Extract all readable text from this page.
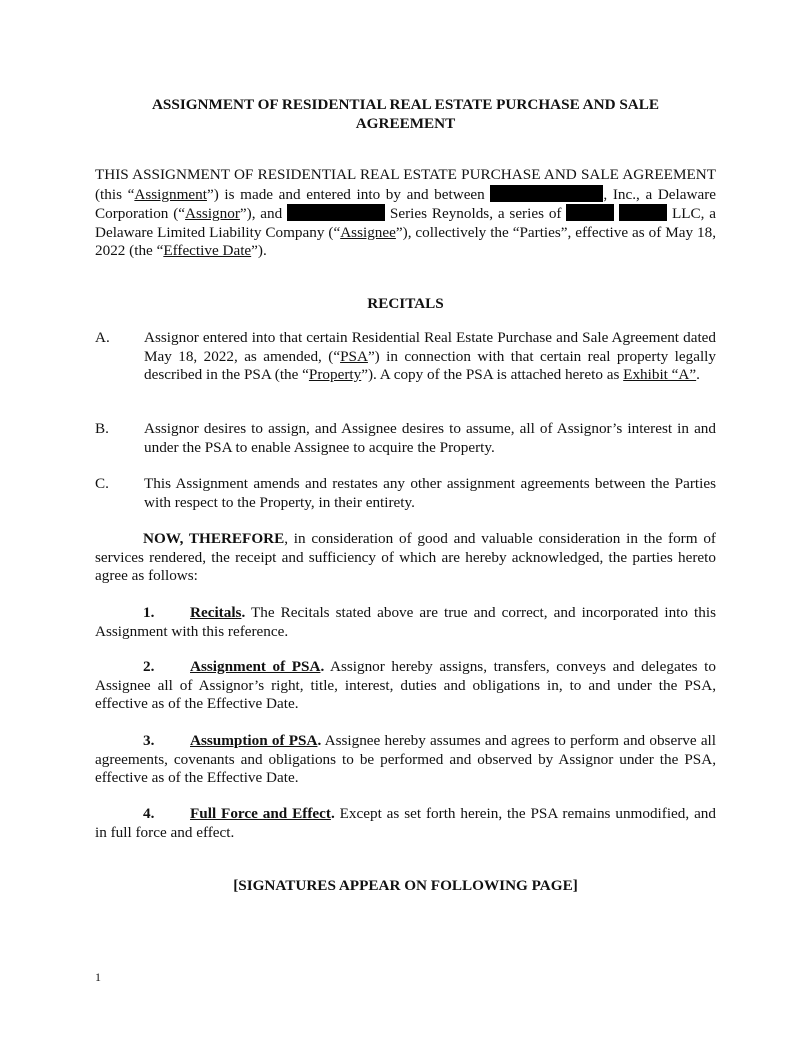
ASSIGNMENT OF RESIDENTIAL REAL ESTATE PURCHASE AND SALE
AGREEMENT
THIS ASSIGNMENT OF RESIDENTIAL REAL ESTATE PURCHASE AND SALE AGREEMENT (this “Assignment”) is made and entered into by and between	, Inc., a Delaware Corporation (“Assignor”), and	Series Reynolds, a series of	LLC, a Delaware Limited Liability Company (“Assignee”), collectively the “Parties”, effective as of May 18, 2022 (the “Effective Date”).
RECITALS
A. Assignor entered into that certain Residential Real Estate Purchase and Sale Agreement dated May 18, 2022, as amended, (“PSA”) in connection with that certain real property legally described in the PSA (the “Property”). A copy of the PSA is attached hereto as Exhibit “A”.
B. Assignor desires to assign, and Assignee desires to assume, all of Assignor’s interest in and under the PSA to enable Assignee to acquire the Property.
C. This Assignment amends and restates any other assignment agreements between the Parties with respect to the Property, in their entirety.
NOW, THEREFORE, in consideration of good and valuable consideration in the form of services rendered, the receipt and sufficiency of which are hereby acknowledged, the parties hereto agree as follows:
1. Recitals. The Recitals stated above are true and correct, and incorporated into this Assignment with this reference.
2. Assignment of PSA. Assignor hereby assigns, transfers, conveys and delegates to Assignee all of Assignor’s right, title, interest, duties and obligations in, to and under the PSA, effective as of the Effective Date.
3. Assumption of PSA. Assignee hereby assumes and agrees to perform and observe all agreements, covenants and obligations to be performed and observed by Assignor under the PSA, effective as of the Effective Date.
4. Full Force and Effect. Except as set forth herein, the PSA remains unmodified, and in full force and effect.
[SIGNATURES APPEAR ON FOLLOWING PAGE]
1
